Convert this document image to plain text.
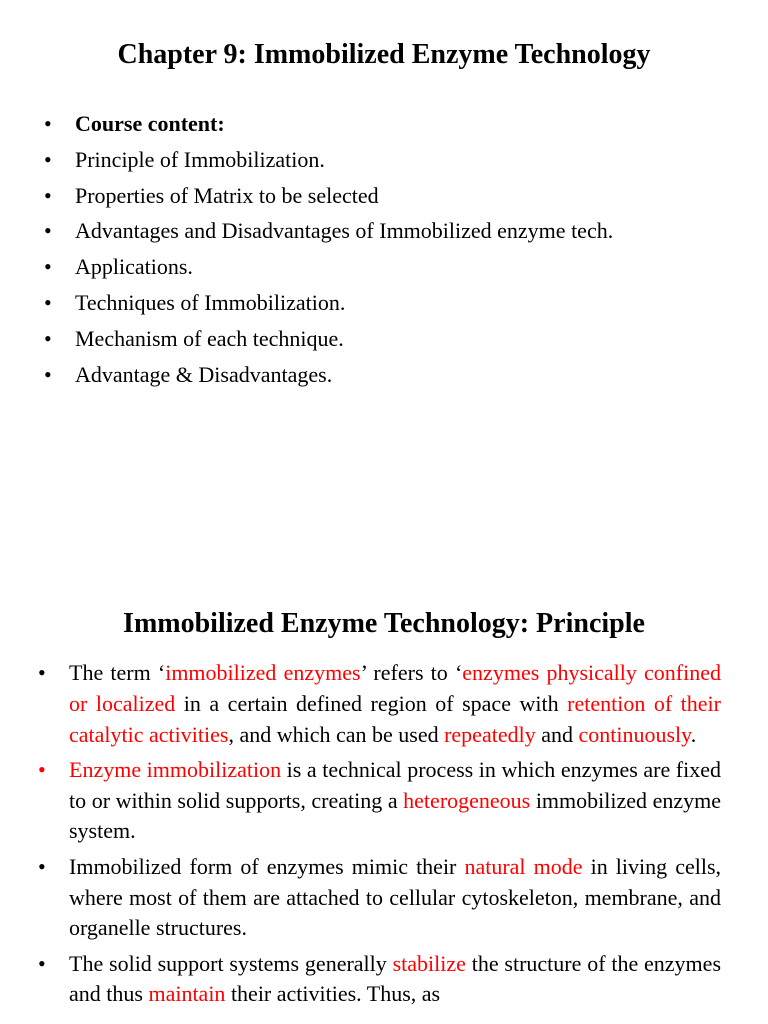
Chapter 9: Immobilized Enzyme Technology
• Course content:
• Principle of Immobilization.
• Properties of Matrix to be selected
• Advantages and Disadvantages of Immobilized enzyme tech.
• Applications.
• Techniques of Immobilization.
• Mechanism of each technique.
• Advantage & Disadvantages.
Immobilized Enzyme Technology: Principle
• The term ‘immobilized enzymes’ refers to ‘enzymes physically confined or localized in a certain defined region of space with retention of their catalytic activities, and which can be used repeatedly and continuously.
• Enzyme immobilization is a technical process in which enzymes are fixed to or within solid supports, creating a heterogeneous immobilized enzyme system.
• Immobilized form of enzymes mimic their natural mode in living cells, where most of them are attached to cellular cytoskeleton, membrane, and organelle structures.
• The solid support systems generally stabilize the structure of the enzymes and thus maintain their activities. Thus, as
